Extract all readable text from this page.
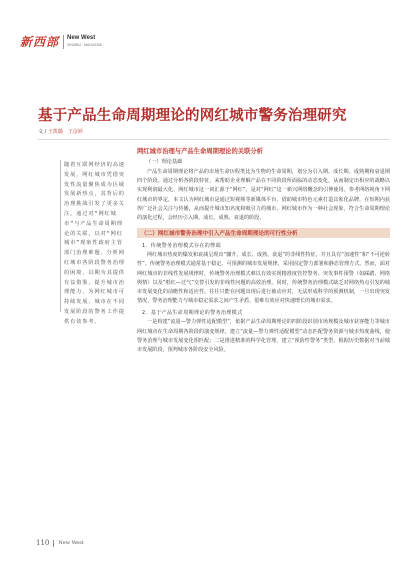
新西部 New West
XINXIBU · MAGAZINE
基于产品生命周期理论的网红城市警务治理研究
文 / 王凯璐　王彦婷
随着互联网经济的高速发展，网红城市凭借突发性流量聚焦成为区域发展新热点，其背后的治理挑战引发了更多关注。通过对“网红城市”与产品生命周期理论的关联，以对“网红城市”现象性政府主管部门治理难题，分析网红城市各阶段警务治理的困境，以期为其提供有益借鉴，提升城市治理能力，为网红城市可持续发展、城市在不同发展阶段的警务工作提供有效参考。
网红城市治理与产品生命周期理论的关联分析
（一）理论基础

产品生命周期理论将产品的市场生命历程类比为生物的生命周期，划分为引入期、成长期、成熟期和衰退期四个阶段。通过分析各阶段特征，来帮助企业理解产品在不同阶段所面临的动态变化，从而制定出相应的战略以实现利润最大化。网红城市这一词汇源于“网红”，是对“网红”这一新兴网络概念的引伸使用。参考网络视角下网红城市的界定，本文认为网红城市是通过短视频等新媒体平台，借助城市特色元素打造具象化品牌，在短期内获得广泛社会关注与传播，从而提升城市知名度和吸引力的城市。网红城市作为一种社会现象，符合生命周期理论的演化过程，会经历引入期、成长、成熟、衰退的阶段。

（二）网红城市警务治理中引入产品生命周期理论的可行性分析
1．传统警务治理模式存在的弊端

网红城市热度的爆发和衰减呈现出“骤升、成长、成熟、衰退”的非线性特征，并且具有“加速性”和“不可逆转性”。传统警务治理模式通常基于稳定、可预测的城市发展规律，采用固定警力部署和静态管理方式。然而，面对网红城市的非线性发展规律时，传统警务治理模式难以有效实现精准度管控警务、突发事件预警（如踩踏、网络舆情）以及“唱红—过气”交替引发的非线性问题的高效治理。同时，传统警务治理模式缺乏对网络热点引发的城市发展变化的前瞻性和适应性，往往只能在问题出现后进行被动应对，无法形成科学的预测机制，一旦出现突发情况，警务治理能力与城市稳定需求之间产生矛盾，很难有效应对快速增长的城市需求。

2．基于产品生命周期理论的警务治理模式

一是构建“流量—警力弹性适配模型”，依据产品生命周期理论的四阶段识别市场规模及城市获客能力等城市网红城市在生命周期各阶段的演变规律，建立“流量—警力弹性适配模型”动态匹配警务资源与城市热度曲线，使警务治理与城市发展变化相匹配；二是推进精准的科学化管理，建立“预防性警务”类型，根据历史数据对当前城市发展阶段，预判城市各阶段安全风险。

110 New West
